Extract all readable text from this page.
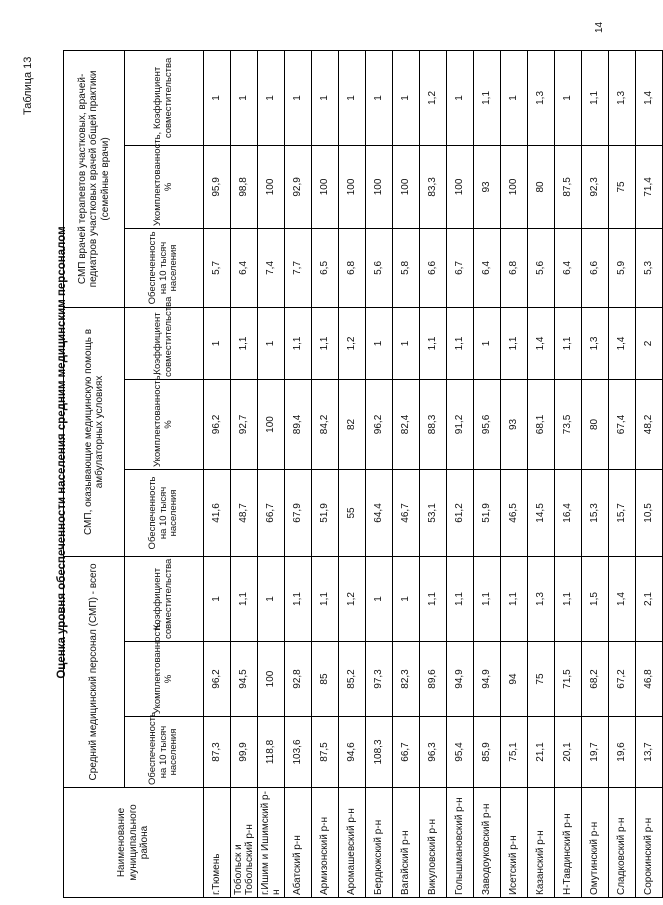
Таблица 13
Оценка уровня обеспеченности населения средним медицинским персоналом
Наименование муниципального района	Средний медицинский персонал (СМП) - всего			СМП, оказывающие медицинскую помощь в амбулаторных условиях			СМП врачей терапевтов участковых, врачей-педиатров участковых врачей общей практики (семейные врачи)		
	Обеспеченность на 10 тысяч населения	Укомплектованность, %	Коэффициент совместительства	Обеспеченность на 10 тысяч населения	Укомплектованность, %	Коэффициент совместительства	Обеспеченность на 10 тысяч населения	Укомплектованность, %	Коэффициент совместительства
г.Тюмень	87,3	96,2	1	41,6	96,2	1	5,7	95,9	1
Тобольск и Тобольский р-н	99,9	94,5	1,1	48,7	92,7	1,1	6,4	98,8	1
г.Ишим и Ишимский р-н	118,8	100	1	66,7	100	1	7,4	100	1
Абатский р-н	103,6	92,8	1,1	67,9	89,4	1,1	7,7	92,9	1
Армизонский р-н	87,5	85	1,1	51,9	84,2	1,1	6,5	100	1
Аромашевский р-н	94,6	85,2	1,2	55	82	1,2	6,8	100	1
Бердюжский р-н	108,3	97,3	1	64,4	96,2	1	5,6	100	1
Вагайский р-н	66,7	82,3	1	46,7	82,4	1	5,8	100	1
Викуловский р-н	96,3	89,6	1,1	53,1	88,3	1,1	6,6	83,3	1,2
Голышмановский р-н	95,4	94,9	1,1	61,2	91,2	1,1	6,7	100	1
Заводоуковский р-н	85,9	94,9	1,1	51,9	95,6	1	6,4	93	1,1
Исетский р-н	75,1	94	1,1	46,5	93	1,1	6,8	100	1
Казанский р-н	21,1	75	1,3	14,5	68,1	1,4	5,6	80	1,3
Н-Тавдинский р-н	20,1	71,5	1,1	16,4	73,5	1,1	6,4	87,5	1
Омутинский р-н	19,7	68,2	1,5	15,3	80	1,3	6,6	92,3	1,1
Сладковский р-н	19,6	67,2	1,4	15,7	67,4	1,4	5,9	75	1,3
Сорокинский р-н	13,7	46,8	2,1	10,5	48,2	2	5,3	71,4	1,4
14
